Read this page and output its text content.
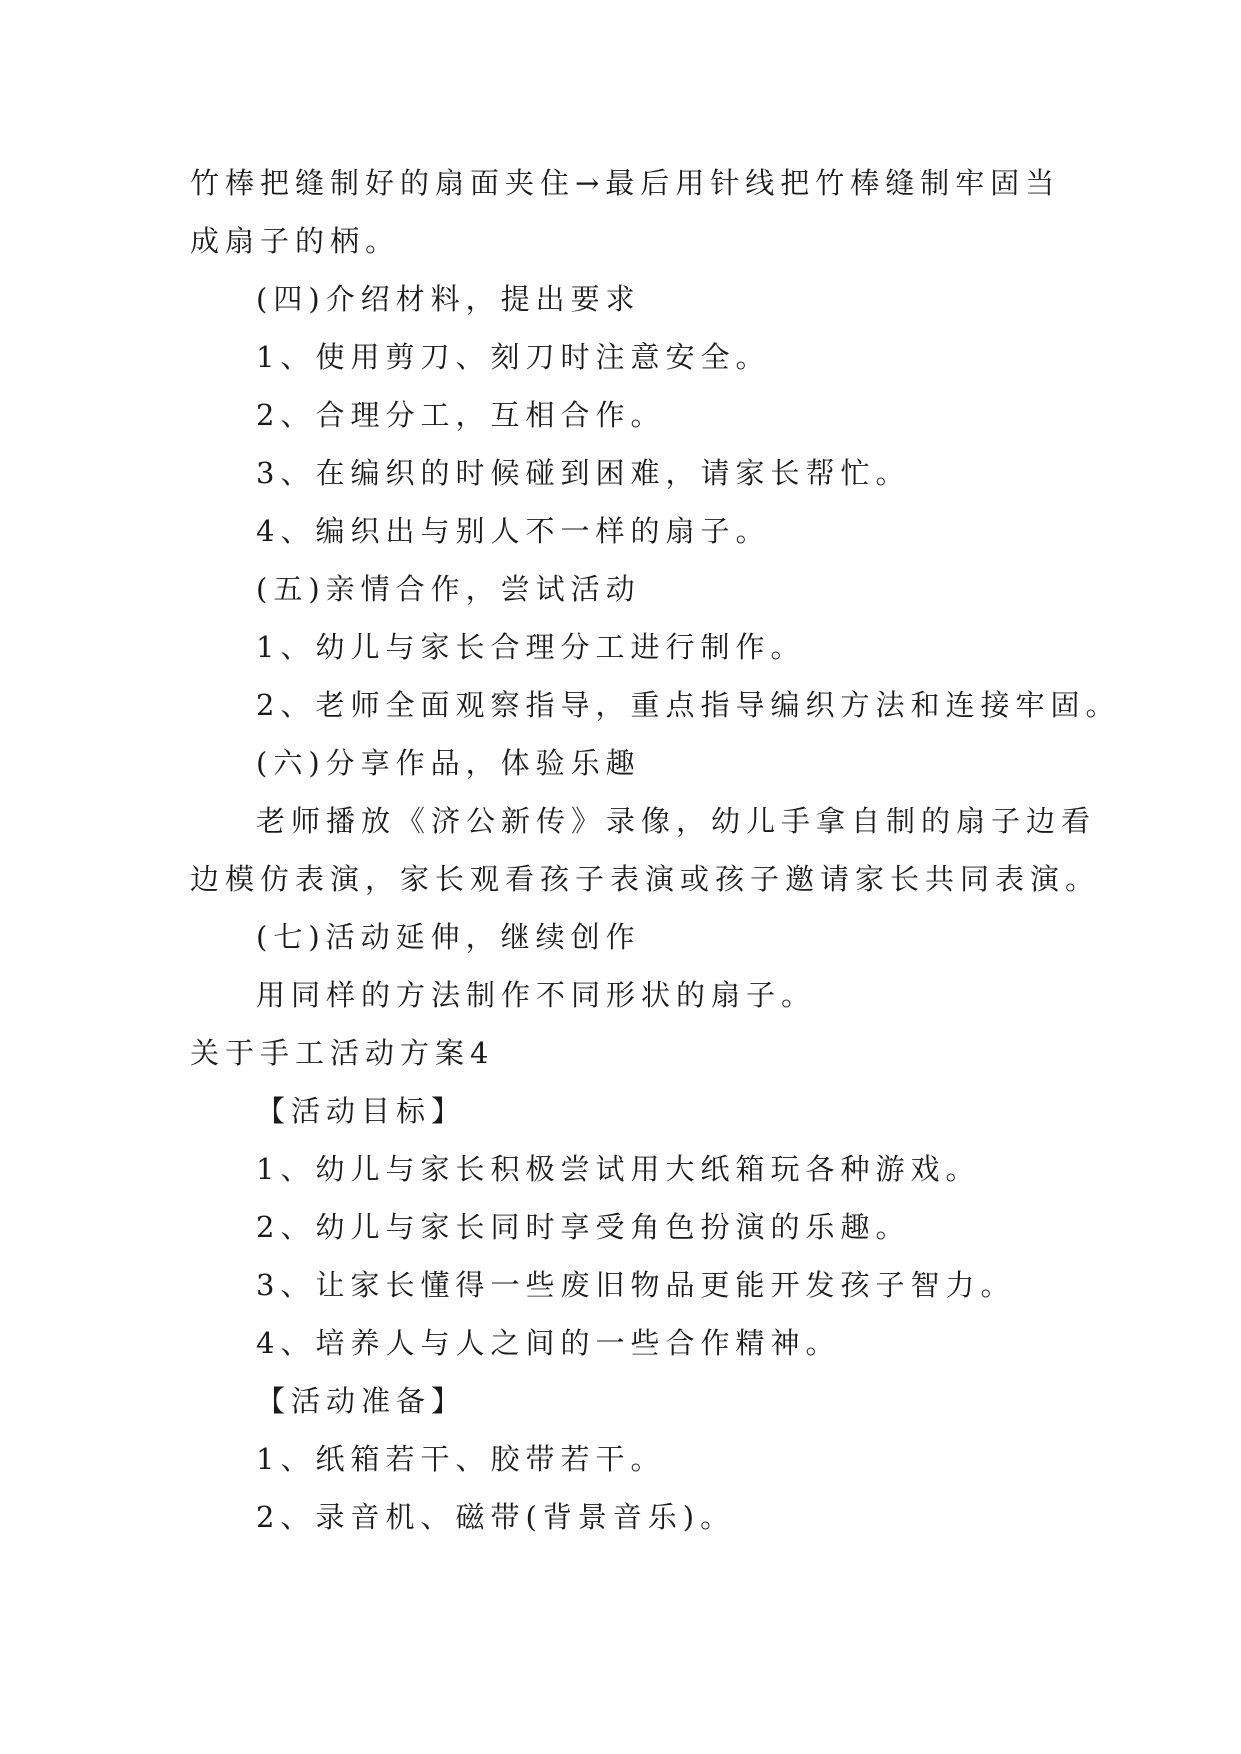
竹棒把缝制好的扇面夹住→最后用针线把竹棒缝制牢固当
成扇子的柄。
(四)介绍材料，提出要求
1、使用剪刀、刻刀时注意安全。
2、合理分工，互相合作。
3、在编织的时候碰到困难，请家长帮忙。
4、编织出与别人不一样的扇子。
(五)亲情合作，尝试活动
1、幼儿与家长合理分工进行制作。
2、老师全面观察指导，重点指导编织方法和连接牢固。
(六)分享作品，体验乐趣
老师播放《济公新传》录像，幼儿手拿自制的扇子边看
边模仿表演，家长观看孩子表演或孩子邀请家长共同表演。
(七)活动延伸，继续创作
用同样的方法制作不同形状的扇子。
关于手工活动方案4
【活动目标】
1、幼儿与家长积极尝试用大纸箱玩各种游戏。
2、幼儿与家长同时享受角色扮演的乐趣。
3、让家长懂得一些废旧物品更能开发孩子智力。
4、培养人与人之间的一些合作精神。
【活动准备】
1、纸箱若干、胶带若干。
2、录音机、磁带(背景音乐)。
